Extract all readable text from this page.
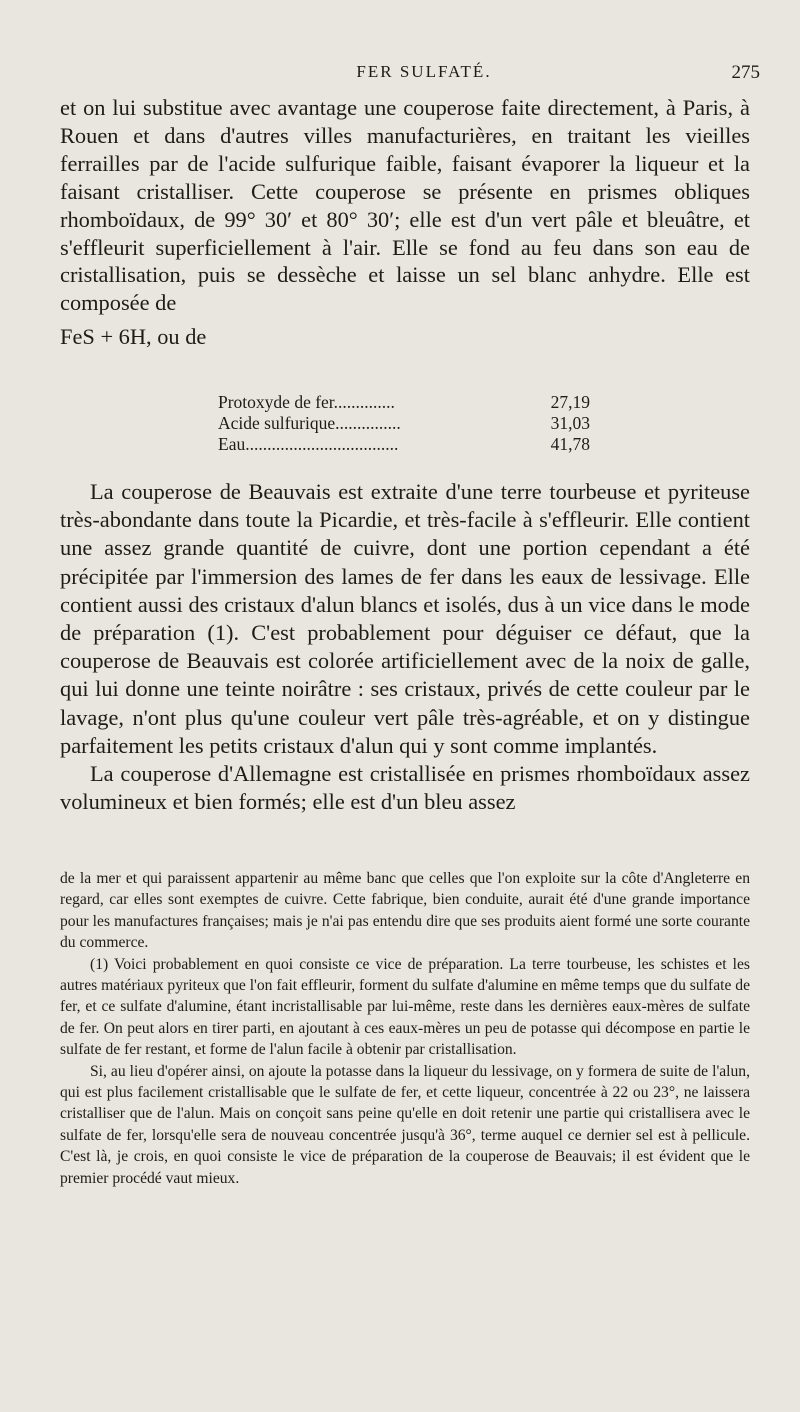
FER SULFATÉ.	275

et on lui substitue avec avantage une couperose faite directement, à Paris, à Rouen et dans d'autres villes manufacturières, en traitant les vieilles ferrailles par de l'acide sulfurique faible, faisant évaporer la liqueur et la faisant cristalliser. Cette couperose se présente en prismes obliques rhomboïdaux, de 99° 30′ et 80° 30′; elle est d'un vert pâle et bleuâtre, et s'effleurit superficiellement à l'air. Elle se fond au feu dans son eau de cristallisation, puis se dessèche et laisse un sel blanc anhydre. Elle est composée de

FeS + 6H, ou de

Protoxyde de fer..............	27,19
Acide sulfurique...............	31,03
Eau...................................	41,78

La couperose de Beauvais est extraite d'une terre tourbeuse et pyriteuse très-abondante dans toute la Picardie, et très-facile à s'effleurir. Elle contient une assez grande quantité de cuivre, dont une portion cependant a été précipitée par l'immersion des lames de fer dans les eaux de lessivage. Elle contient aussi des cristaux d'alun blancs et isolés, dus à un vice dans le mode de préparation (1). C'est probablement pour déguiser ce défaut, que la couperose de Beauvais est colorée artificiellement avec de la noix de galle, qui lui donne une teinte noirâtre : ses cristaux, privés de cette couleur par le lavage, n'ont plus qu'une couleur vert pâle très-agréable, et on y distingue parfaitement les petits cristaux d'alun qui y sont comme implantés.

La couperose d'Allemagne est cristallisée en prismes rhomboïdaux assez volumineux et bien formés; elle est d'un bleu assez

de la mer et qui paraissent appartenir au même banc que celles que l'on exploite sur la côte d'Angleterre en regard, car elles sont exemptes de cuivre. Cette fabrique, bien conduite, aurait été d'une grande importance pour les manufactures françaises; mais je n'ai pas entendu dire que ses produits aient formé une sorte courante du commerce.

(1) Voici probablement en quoi consiste ce vice de préparation. La terre tourbeuse, les schistes et les autres matériaux pyriteux que l'on fait effleurir, forment du sulfate d'alumine en même temps que du sulfate de fer, et ce sulfate d'alumine, étant incristallisable par lui-même, reste dans les dernières eaux-mères de sulfate de fer. On peut alors en tirer parti, en ajoutant à ces eaux-mères un peu de potasse qui décompose en partie le sulfate de fer restant, et forme de l'alun facile à obtenir par cristallisation.

Si, au lieu d'opérer ainsi, on ajoute la potasse dans la liqueur du lessivage, on y formera de suite de l'alun, qui est plus facilement cristallisable que le sulfate de fer, et cette liqueur, concentrée à 22 ou 23°, ne laissera cristalliser que de l'alun. Mais on conçoit sans peine qu'elle en doit retenir une partie qui cristallisera avec le sulfate de fer, lorsqu'elle sera de nouveau concentrée jusqu'à 36°, terme auquel ce dernier sel est à pellicule. C'est là, je crois, en quoi consiste le vice de préparation de la couperose de Beauvais; il est évident que le premier procédé vaut mieux.
